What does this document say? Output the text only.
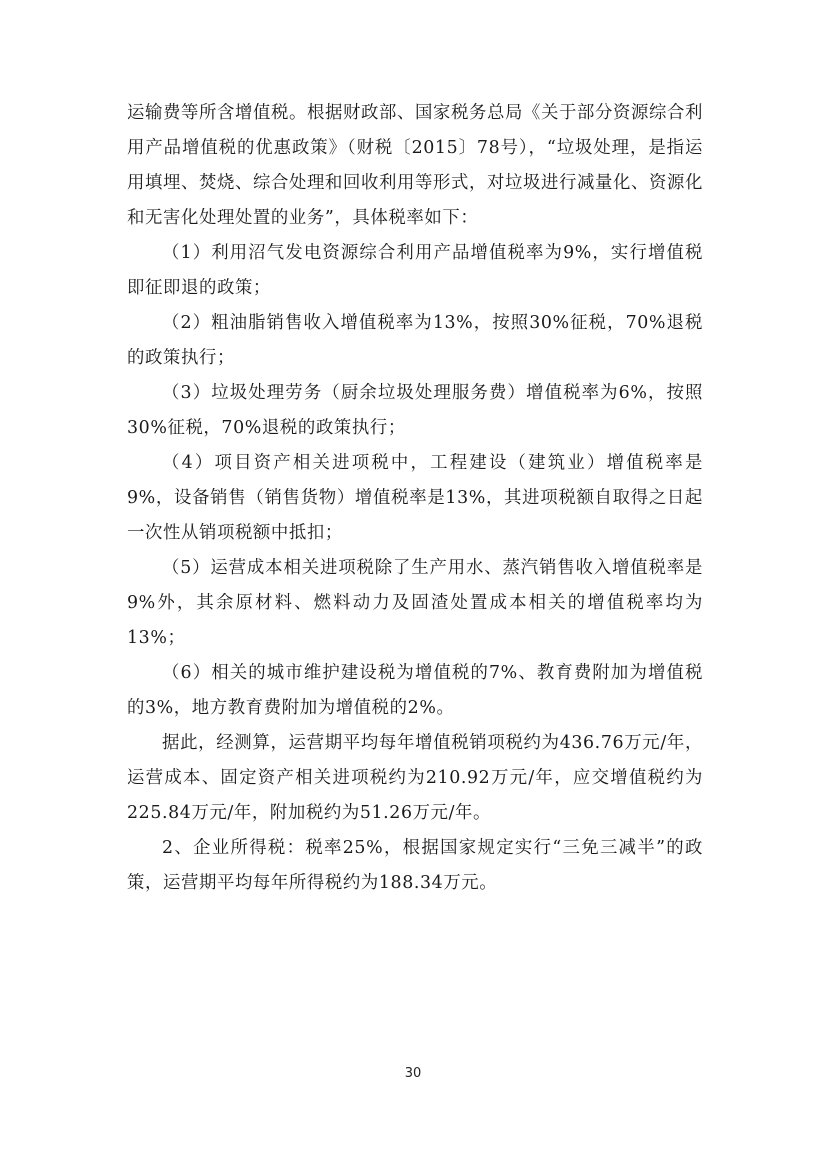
运输费等所含增值税。根据财政部、国家税务总局《关于部分资源综合利用产品增值税的优惠政策》（财税〔2015〕78号），“垃圾处理，是指运用填埋、焚烧、综合处理和回收利用等形式，对垃圾进行减量化、资源化和无害化处理处置的业务”，具体税率如下：

（1）利用沼气发电资源综合利用产品增值税率为9%，实行增值税即征即退的政策；

（2）粗油脂销售收入增值税率为13%，按照30%征税，70%退税的政策执行；

（3）垃圾处理劳务（厨余垃圾处理服务费）增值税率为6%，按照30%征税，70%退税的政策执行；

（4）项目资产相关进项税中，工程建设（建筑业）增值税率是9%，设备销售（销售货物）增值税率是13%，其进项税额自取得之日起一次性从销项税额中抵扣；

（5）运营成本相关进项税除了生产用水、蒸汽销售收入增值税率是9%外，其余原材料、燃料动力及固渣处置成本相关的增值税率均为13%；

（6）相关的城市维护建设税为增值税的7%、教育费附加为增值税的3%，地方教育费附加为增值税的2%。

据此，经测算，运营期平均每年增值税销项税约为436.76万元/年，运营成本、固定资产相关进项税约为210.92万元/年，应交增值税约为225.84万元/年，附加税约为51.26万元/年。

2、企业所得税：税率25%，根据国家规定实行“三免三减半”的政策，运营期平均每年所得税约为188.34万元。

30
